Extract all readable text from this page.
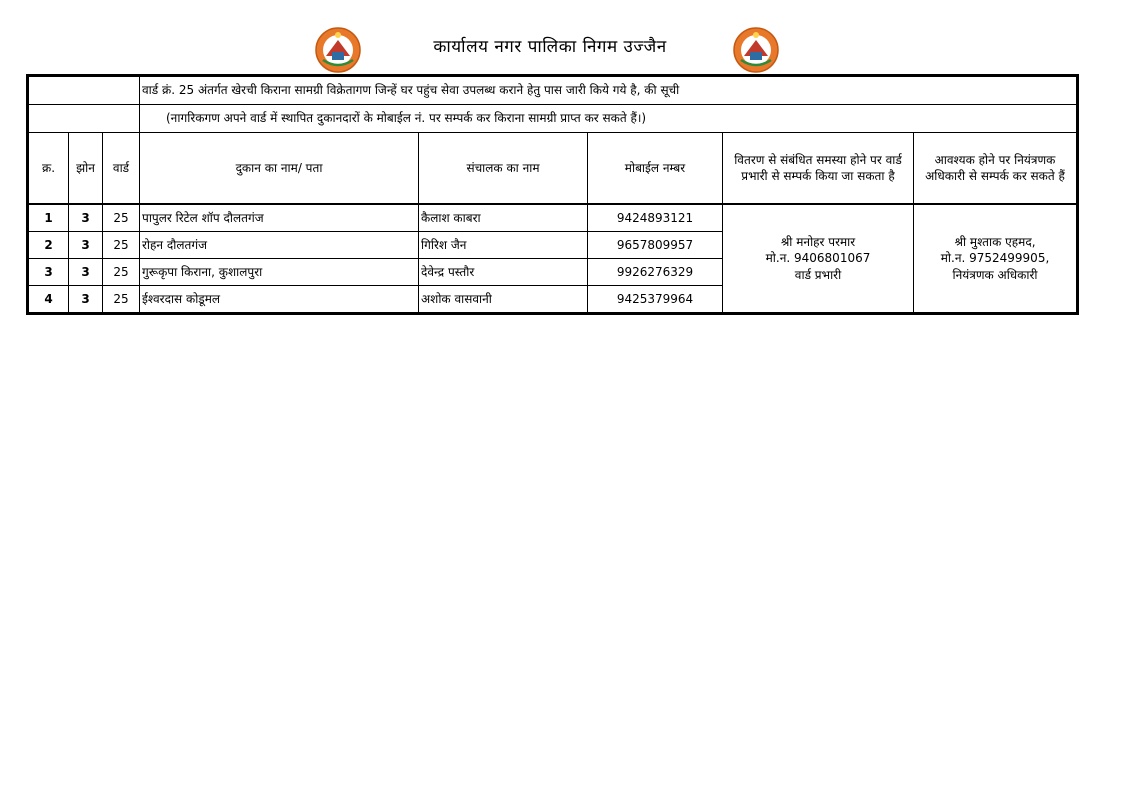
कार्यालय नगर पालिका निगम उज्जैन
			वार्ड क्रं. 25 अंतर्गत खेरची किराना सामग्री विक्रेतागण जिन्हें घर पहुंच सेवा उपलब्ध कराने हेतु पास जारी किये गये है, की सूची				
			(नागरिकगण अपने वार्ड में स्थापित दुकानदारों के मोबाईल नं. पर सम्पर्क कर किराना सामग्री प्राप्त कर सकते हैं।)				
क्र.	झोन	वार्ड	दुकान का नाम/ पता	संचालक का नाम	मोबाईल नम्बर	वितरण से संबंधित समस्या होने पर वार्ड प्रभारी से सम्पर्क किया जा सकता है	आवश्यक होने पर नियंत्रणक अधिकारी से सम्पर्क कर सकते हैं
1	3	25	पापुलर रिटेल शॉप दौलतगंज	कैलाश काबरा	9424893121	श्री मनोहर परमार
मो.न. 9406801067
वार्ड प्रभारी	श्री मुश्ताक एहमद,
मो.न. 9752499905,
नियंत्रणक अधिकारी

2	3	25	रोहन दौलतगंज	गिरिश जैन	9657809957		
3	3	25	गुरूकृपा किराना, कुशालपुरा	देवेन्द्र पस्तौर	9926276329		
4	3	25	ईश्वरदास कोडूमल	अशोक वासवानी	9425379964		
